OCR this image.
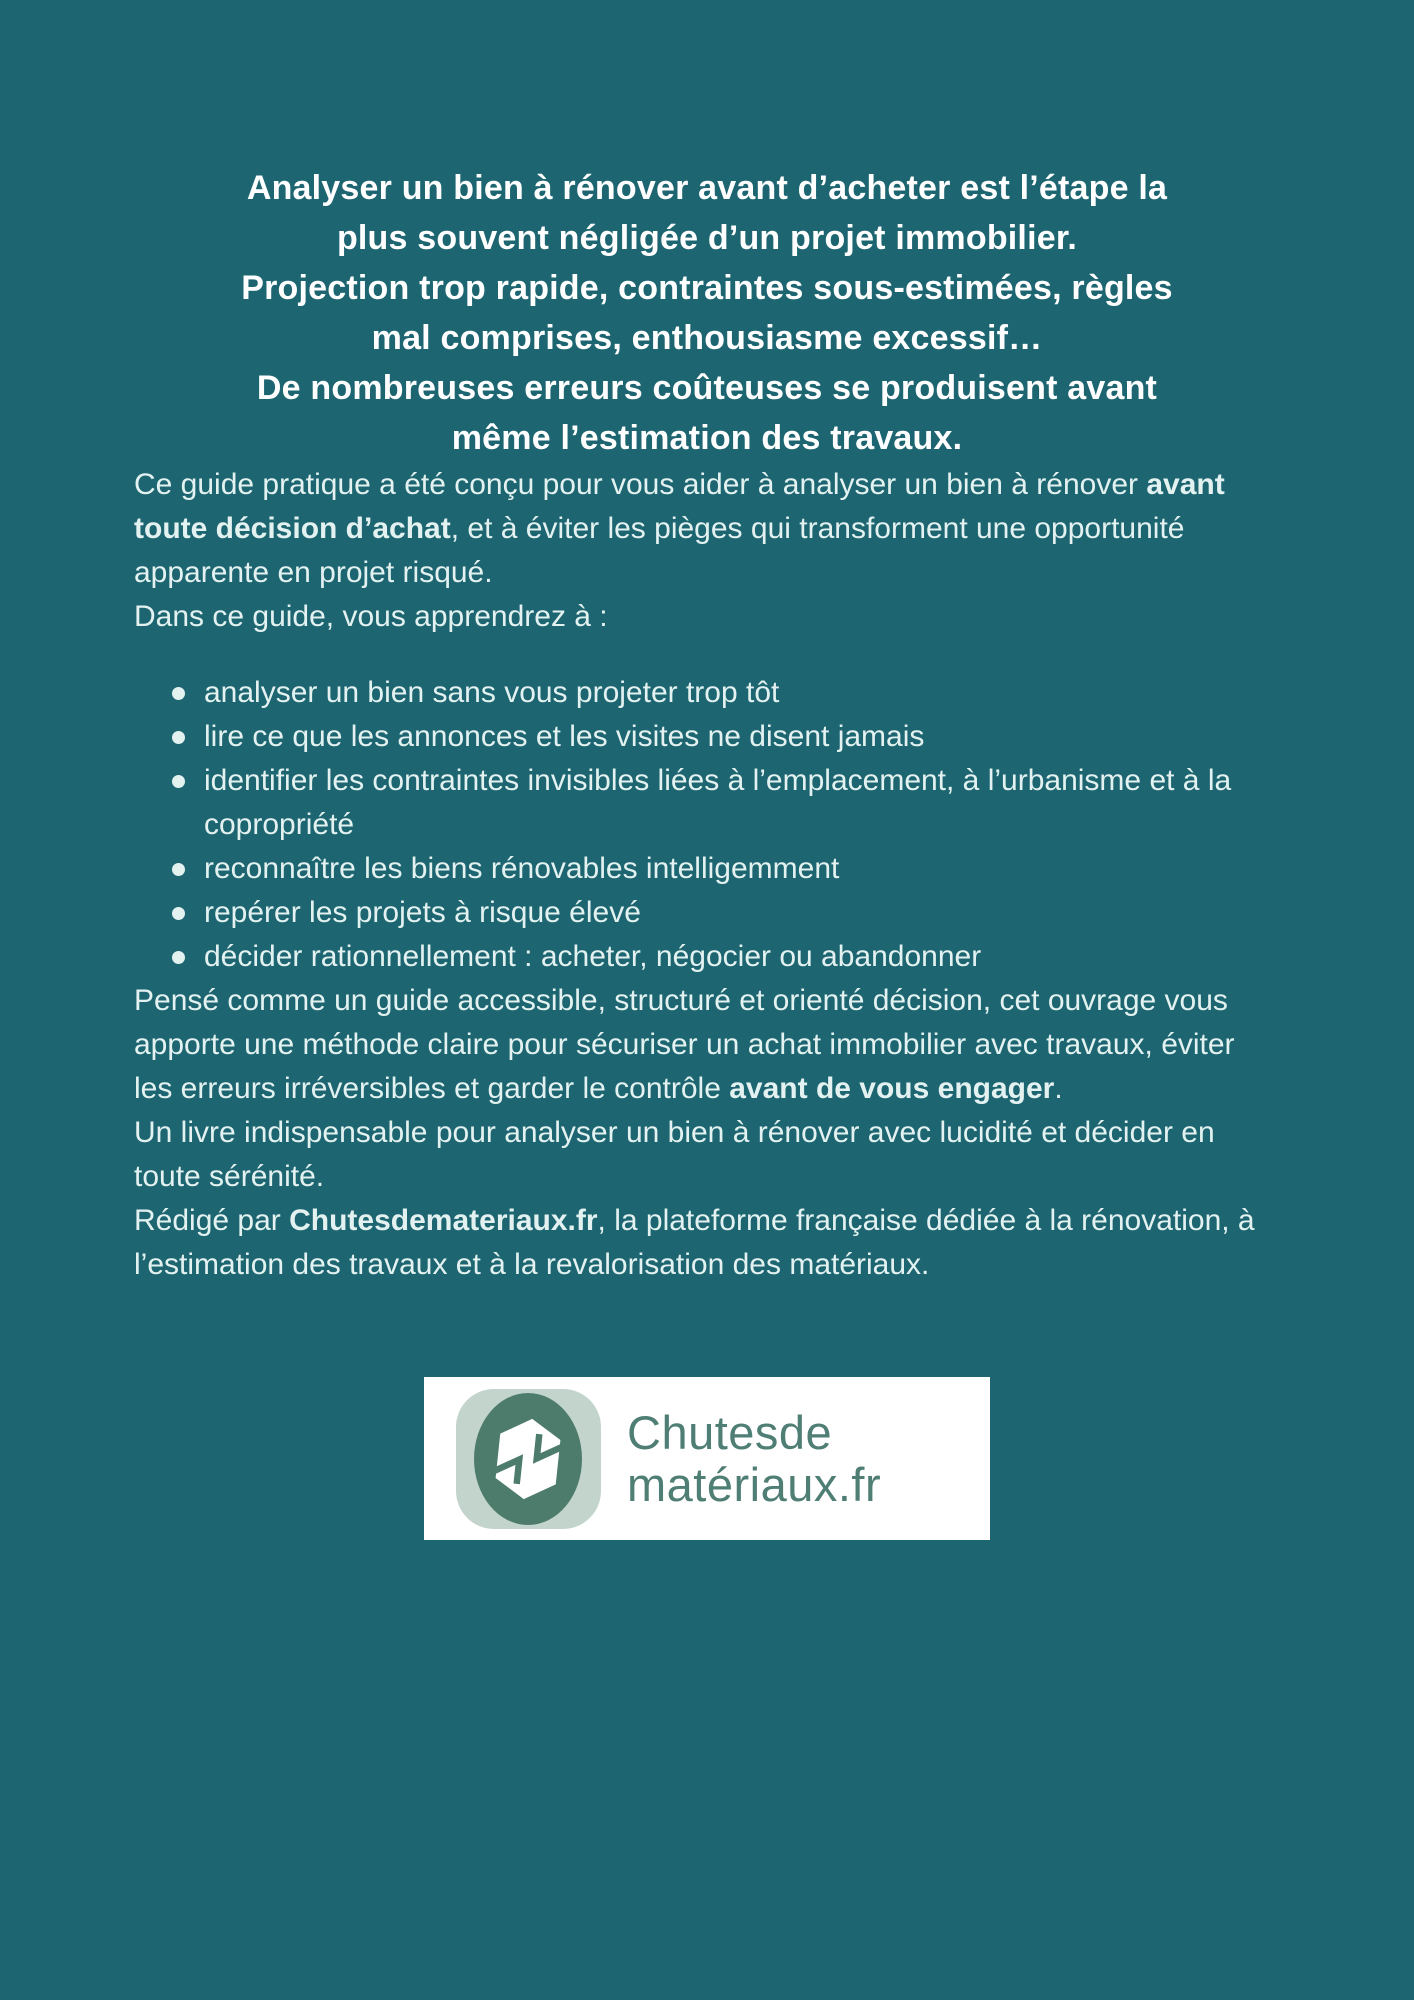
Analyser un bien à rénover avant d’acheter est l’étape la
plus souvent négligée d’un projet immobilier.
Projection trop rapide, contraintes sous-estimées, règles
mal comprises, enthousiasme excessif…
De nombreuses erreurs coûteuses se produisent avant
même l’estimation des travaux.

Ce guide pratique a été conçu pour vous aider à analyser un bien à rénover avant toute décision d’achat, et à éviter les pièges qui transforment une opportunité apparente en projet risqué.

Dans ce guide, vous apprendrez à :

analyser un bien sans vous projeter trop tôt
lire ce que les annonces et les visites ne disent jamais
identifier les contraintes invisibles liées à l’emplacement, à l’urbanisme et à la copropriété
reconnaître les biens rénovables intelligemment
repérer les projets à risque élevé
décider rationnellement : acheter, négocier ou abandonner

Pensé comme un guide accessible, structuré et orienté décision, cet ouvrage vous apporte une méthode claire pour sécuriser un achat immobilier avec travaux, éviter les erreurs irréversibles et garder le contrôle avant de vous engager.

Un livre indispensable pour analyser un bien à rénover avec lucidité et décider en toute sérénité.
Rédigé par Chutesdemateriaux.fr, la plateforme française dédiée à la rénovation, à l’estimation des travaux et à la revalorisation des matériaux.

Chutesde
matériaux.fr
